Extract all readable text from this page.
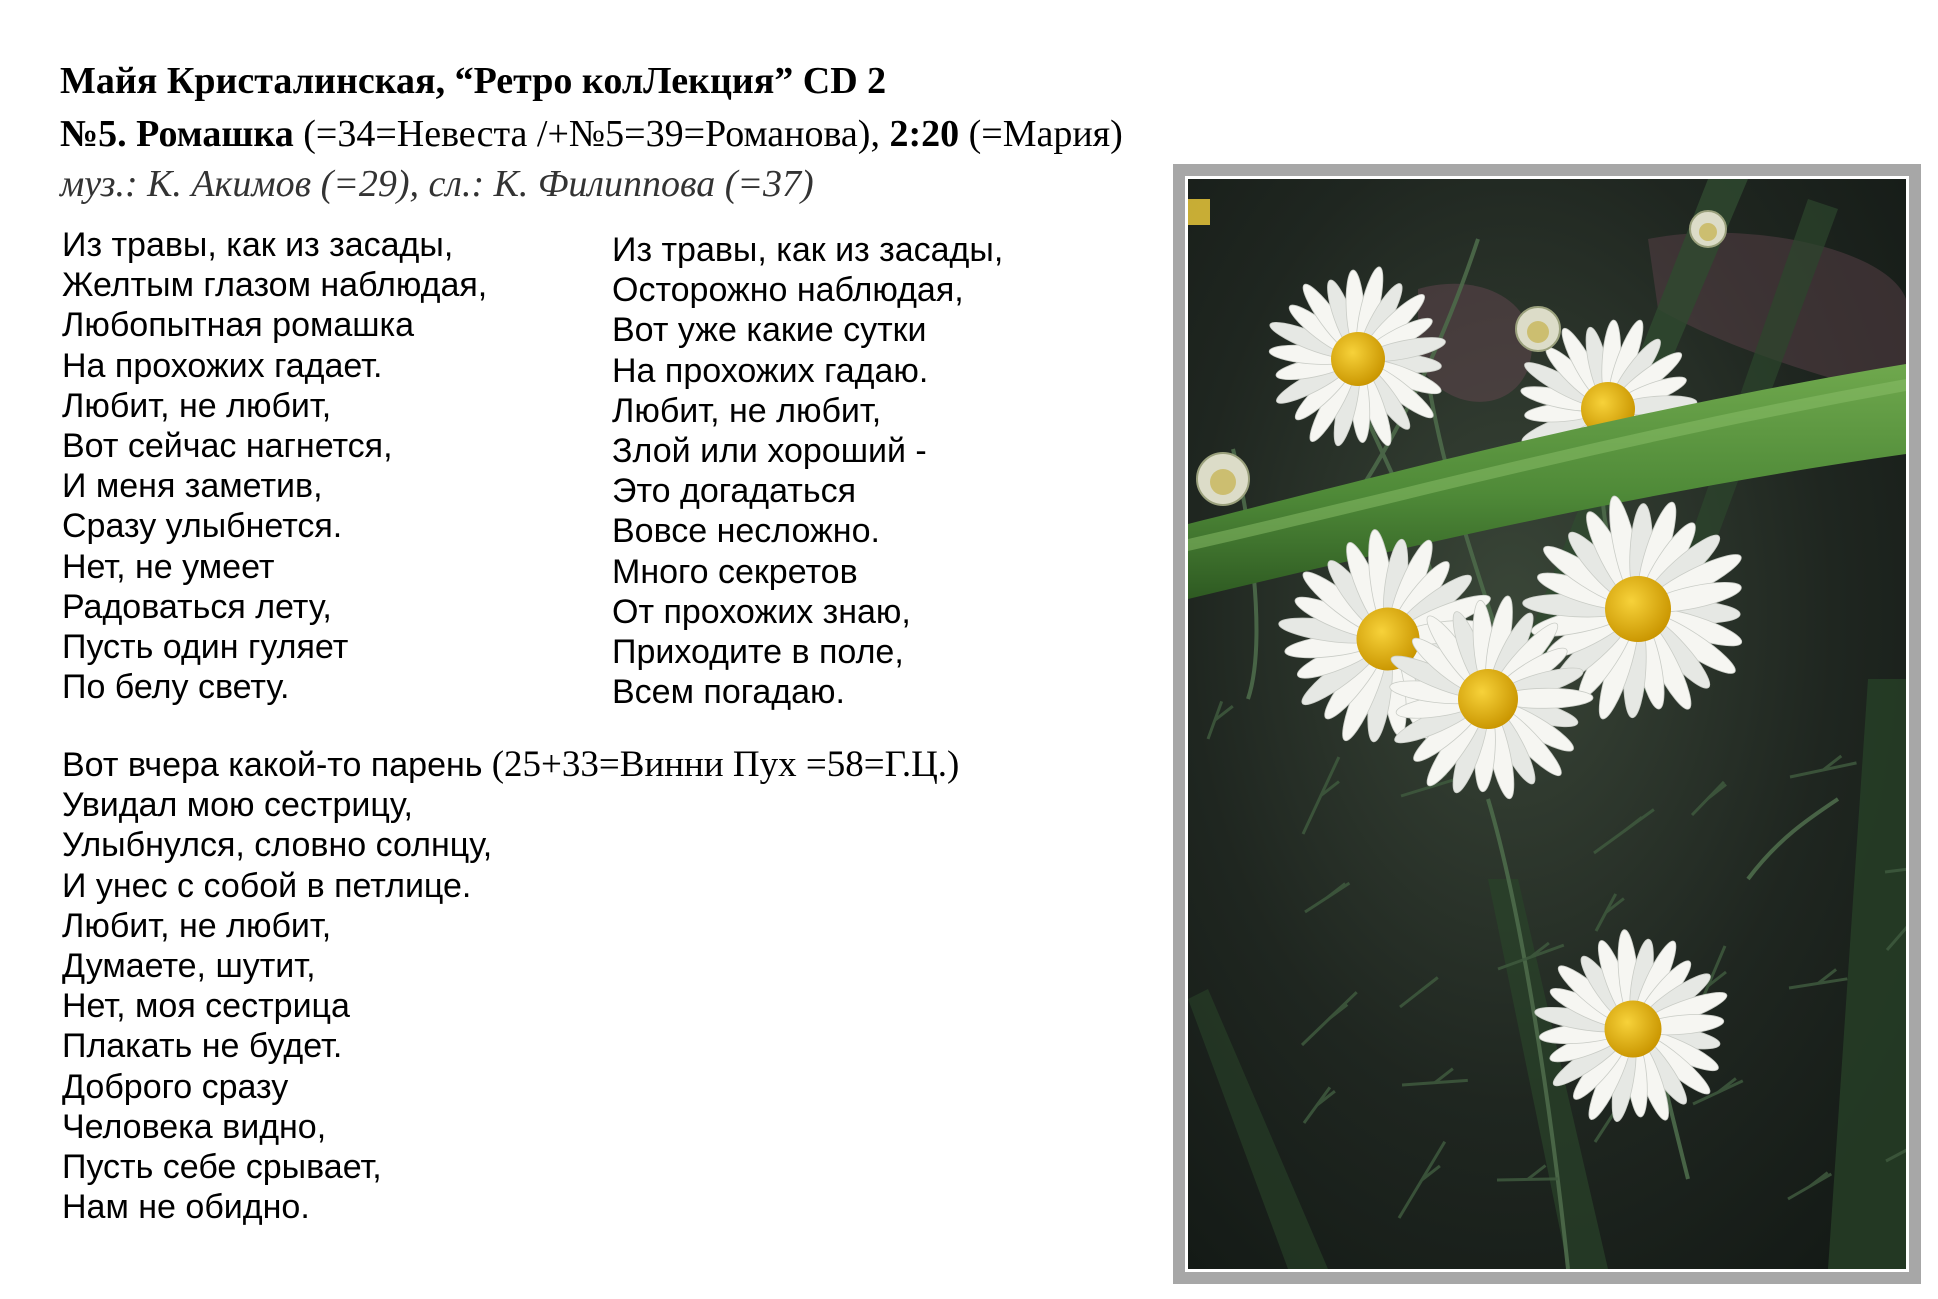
Майя Кристалинская, “Ретро колЛекция” CD 2
№5. Ромашка (=34=Невеста /+№5=39=Романова), 2:20 (=Мария)
муз.: К. Акимов (=29), сл.: К. Филиппова (=37)
Из травы, как из засады,
Желтым глазом наблюдая,
Любопытная ромашка
На прохожих гадает.
Любит, не любит,
Вот сейчас нагнется,
И меня заметив,
Сразу улыбнется.
Нет, не умеет
Радоваться лету,
Пусть один гуляет
По белу свету.
Из травы, как из засады,
Осторожно наблюдая,
Вот уже какие сутки
На прохожих гадаю.
Любит, не любит,
Злой или хороший -
Это догадаться
Вовсе несложно.
Много секретов
От прохожих знаю,
Приходите в поле,
Всем погадаю.
Вот вчера какой-то парень (25+33=Винни Пух =58=Г.Ц.)
Увидал мою сестрицу,
Улыбнулся, словно солнцу,
И унес с собой в петлице.
Любит, не любит,
Думаете, шутит,
Нет, моя сестрица
Плакать не будет.
Доброго сразу
Человека видно,
Пусть себе срывает,
Нам не обидно.
